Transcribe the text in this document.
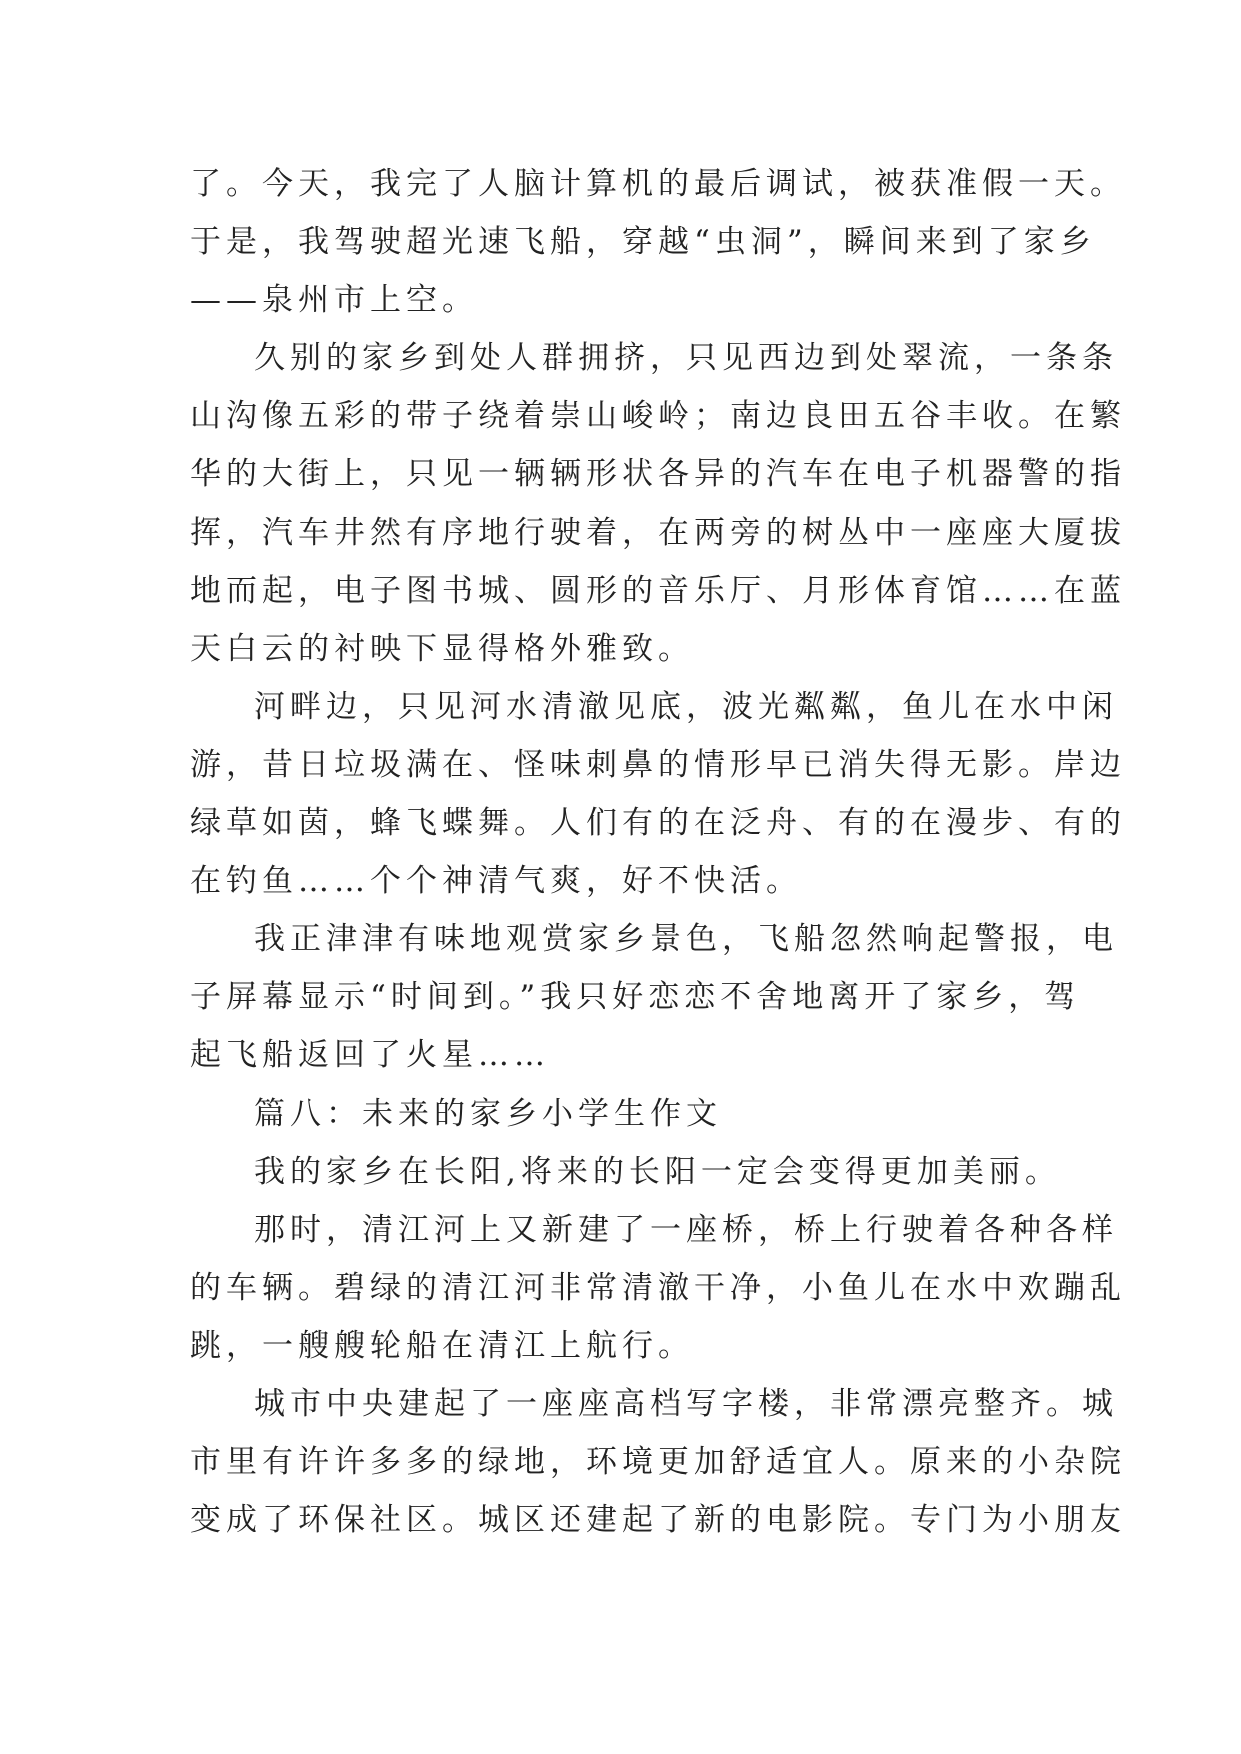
了。今天，我完了人脑计算机的最后调试，被获准假一天。
于是，我驾驶超光速飞船，穿越“虫洞”，瞬间来到了家乡
——泉州市上空。
久别的家乡到处人群拥挤，只见西边到处翠流，一条条
山沟像五彩的带子绕着崇山峻岭；南边良田五谷丰收。在繁
华的大街上，只见一辆辆形状各异的汽车在电子机器警的指
挥，汽车井然有序地行驶着，在两旁的树丛中一座座大厦拔
地而起，电子图书城、圆形的音乐厅、月形体育馆……在蓝
天白云的衬映下显得格外雅致。
河畔边，只见河水清澈见底，波光粼粼，鱼儿在水中闲
游，昔日垃圾满在、怪味刺鼻的情形早已消失得无影。岸边
绿草如茵，蜂飞蝶舞。人们有的在泛舟、有的在漫步、有的
在钓鱼……个个神清气爽，好不快活。
我正津津有味地观赏家乡景色，飞船忽然响起警报，电
子屏幕显示“时间到。”我只好恋恋不舍地离开了家乡，驾
起飞船返回了火星……
篇八：未来的家乡小学生作文
我的家乡在长阳,将来的长阳一定会变得更加美丽。
那时，清江河上又新建了一座桥，桥上行驶着各种各样
的车辆。碧绿的清江河非常清澈干净，小鱼儿在水中欢蹦乱
跳，一艘艘轮船在清江上航行。
城市中央建起了一座座高档写字楼，非常漂亮整齐。城
市里有许许多多的绿地，环境更加舒适宜人。原来的小杂院
变成了环保社区。城区还建起了新的电影院。专门为小朋友
